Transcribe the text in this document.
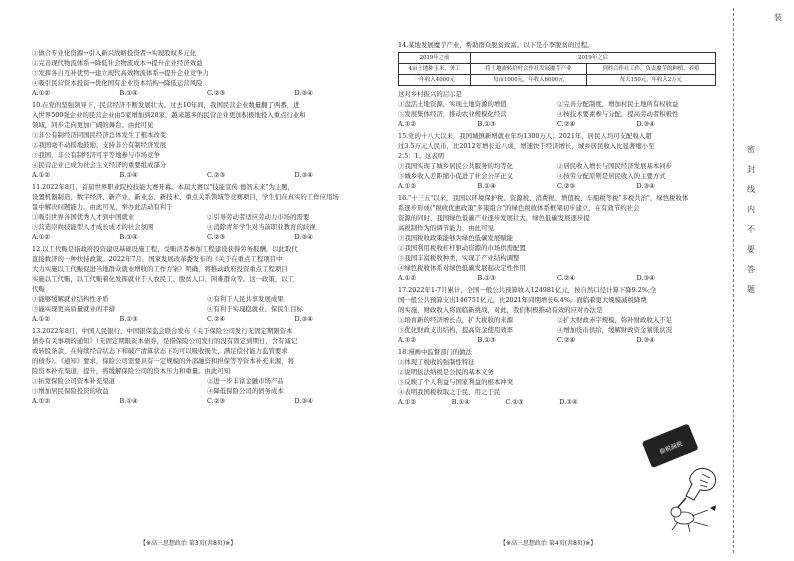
①做合专业化资源→引入新兴战略投资者→实现股权多元化
②完善现代物流体系→降低社会物流成本→提升企业经济效益
③发挥各自互补优势→建立现代高效物流体系→提升企业竞争力
④吸引民营资本投资→优化国有企业资本结构→降低运营风险
A.①②	B.①④	C.②③	D.③④
10.在党的坚强领导下，民营经济不断发展壮大。过去10年间，我国民营企业数量翻了两番，进
入世界500强企业的民营企业由5家增加到28家，越来越多的民营企业更加积极地投入重点行业和
领域，同步走向更加广阔的舞台。由此可见
①非公有制经济同国民经济总体发生了根本改变
②我国毫不动摇地鼓励、支持非公有制经济发展
③我国，非公有制经济可平等地参与市场竞争
④民营企业已成为社会主义经济的重要组成部分
A.①②	B.①④	C.②③	D.③④
11.2022年8月，首届世界职业院校技能大赛开幕。本届大赛以"技能宣传 德智未来"为主题，
设置机器制造、数字经济、新产业、新业态、新技术、重点关系领域等竞赛项目，学生们在真实的工作应用场
景中解决问题能力。由此可见，举办此活动有利于
①吸引世界各国优秀人才到中国就业	②引导劳动者适应劳动力市场的需要
③营造崇尚技能型人才成长成才的社会氛围	④消除青年学生对当前职业教育的歧视
A.①②	B.①④	C.②③	D.③④
12.以工代赈是指政府投资建设基础设施工程，受赈济者参加工程建设获得劳务报酬，以此取代
直接救济的一种扶持政策。2022年7月，国家发展改革委发布的《关于在重点工程项目中
大力实施以工代赈促进当地群众就业增收的工作方案》明确，将推动政府投资重点工程项目
实施以工代赈，以工代赈着化发挥就业于人农民工、脱贫人口、困难群众等。这一政策，以工
代赈
①能够缓解就业结构性矛盾	②有利于人民共享发展成果
③能实现更高质量就业的半措	④有利于实现稳就业、保民生目标
A.①②	B.①③	C.②④	D.③④
13.2022年8月，中国人民银行、中国银保监会联合发布《关于保险公司发行无固定期限资本
债券有关事项的通知》（无固定期限资本债券，是指保险公司发行的没有固定到期日，含有减记
或转股条款，在持续经营状态下和破产清算状态下均可以吸收损失，满足偿付能力监管要求
的债券）。《通知》要求，保险公司需要具有一定规模的外部融资和担保等等资本补充来源，将
险资本补充渠道，提升，将缓解保险公司的资本压力和重量。由此可知
①拓宽保险公司资本补充渠道	②进一步丰富金融市场产品
③增加居民保险投资的收益	④降低保险公司的债务成本
A.①②	B.①④	C.②③	D.③④
【※高三思想政治 第3页(共8页)※】
14.某地发展魔芋产业，帮助群众脱贫致富。以下是小李脱贫的过程。
2019年之前	2019年之后	
4亩土地种玉米，务工	将土地流转给村合作社发展魔芋产业	到村合作社工作，负责魔芋的种植、养殖
一年收入4000元	每亩1000元，年收入6000元	每天150元，年收入2万元
这对乡村振兴的启示是
①盘活土地资源，实现土地资源的增值	②完善分配制度，增加村民土地所有权收益
③发展集体经济，推动农业规模化经营	④按技术要素参与分配，提高劳动者积极性
A.①②	B.①③	C.②④	D.③④
15.党的十八大以来，我国城镇新增就业年均1300万人；2021年，居民人均可支配收入超
过3.5万元人民币，比2012年增长近八成，增速快于经济增长，城乡居民收入比显著缩小至
2.5：1。这表明
①我国实现了城乡居民公共服务的均等化	②居民收入增长与国民经济发展基本同步
③城乡收入差距缩小促进了社会公平正义	④按劳分配原则是居民收入的主要方式
A.①②	B.①④	C.②③	D.③④
16."十三五"以来，我国以环境保护税、资源税、消费税、增值税、车船税等税"多税共治"，绿色税收体
系逐步形成("税收优惠政策"多策组合"的绿色税收体系框架初步建立，在有效节约社会
资源的同时，我国绿色低碳产业逐步发展壮大，绿色低碳发展逐步提
高税制作为的调节能力，由此可见
①我国税收政策能够为绿色低碳发展赋能
②我国利用税收杠杆驱动资源的市场供需配置
③我国丰富税收种类，实现了产业结构调整
④绿色税收体系对绿色低碳发展起决定性作用
A.①②	B.①③	C.②④	D.③④
17.2022年1-7月累计，全国一般公共预算收入124981亿元，按自然口径计算下降9.2%;全
国一般公共预算支出146751亿元，比2021年同期增长6.4%。面临着更大规模减税降费
的实施，财政收入将面临新挑战，对此，我们积极推动有效的应对办法是
①培育新的经济增长点，扩大税收的来源	②扩大财政赤字规模，弥补财政收入不足
③优化财政支出结构，提高资金使用效率	④增加货币供给，缓解财政资金紧张状况
A.①②	B.①③	C.②④	D.③④
18.漫画中监督部门的做法
①体现了税收的强制性特征
②说明依法纳税是公民的基本义务
③反映了个人利益与国家利益的根本冲突
④表明我国税收取之于民，用之于民
A.①②	B.①④	C.②③	D.③④
偷税漏税
【※高三思想政治 第4页(共8页)※】
密
封
线
内
不
要
答
题
装
